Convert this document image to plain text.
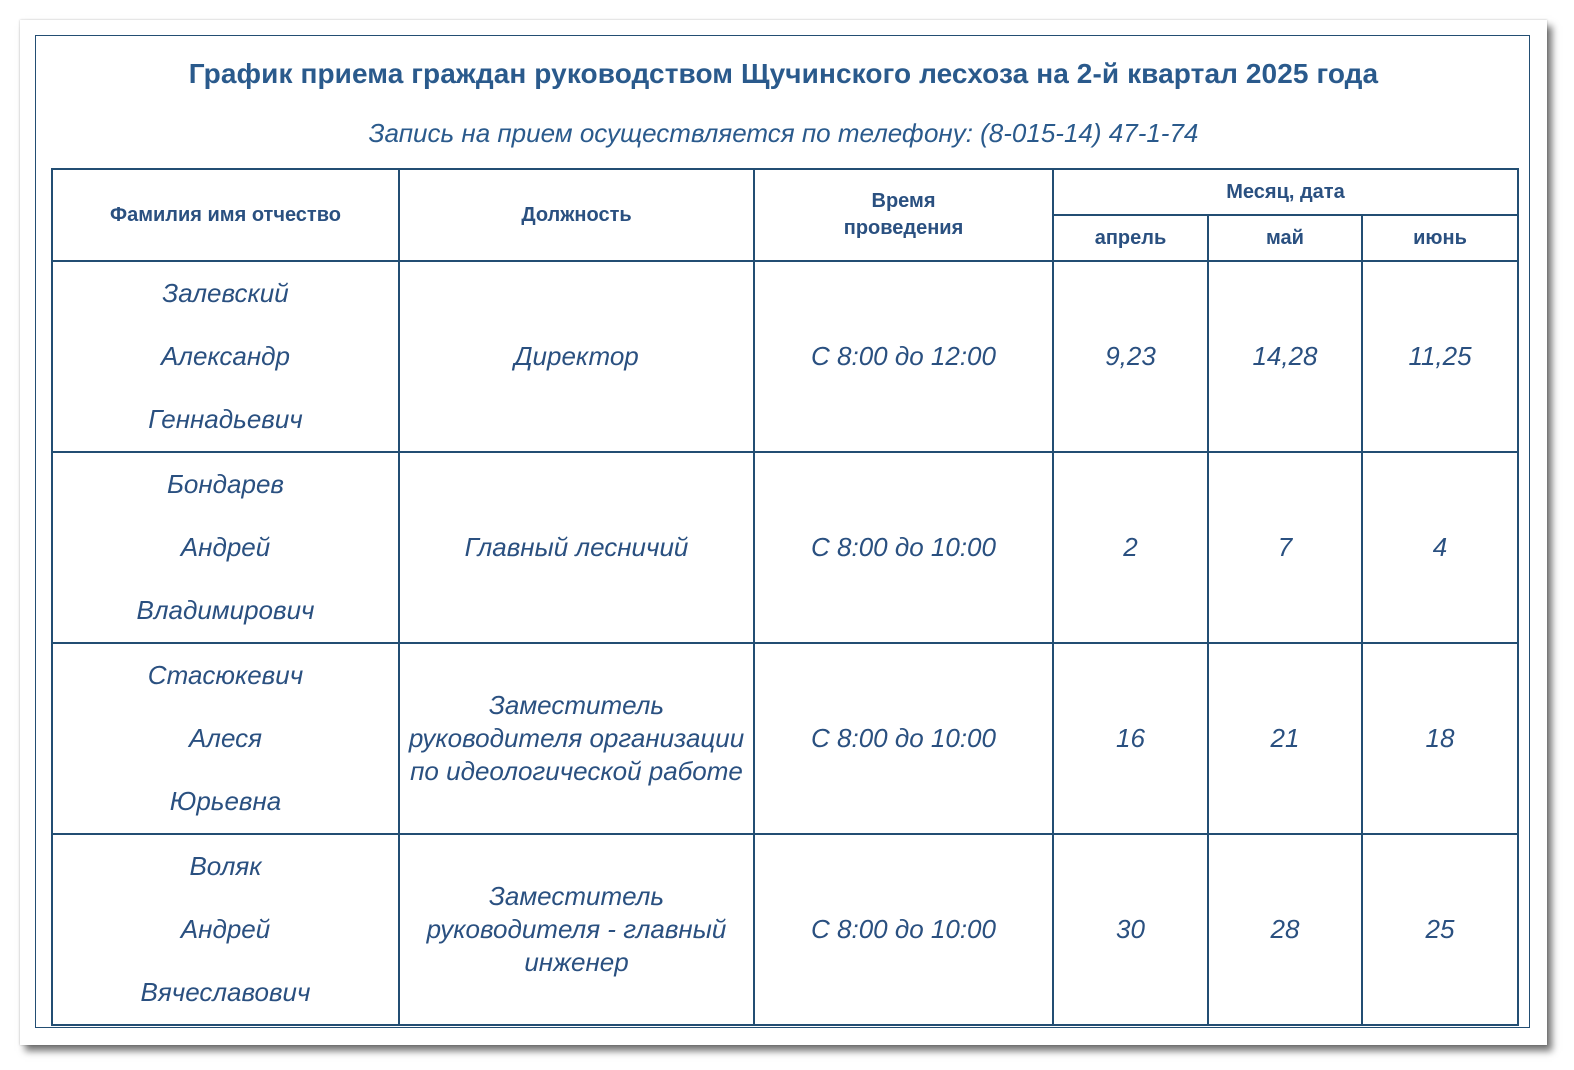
График приема граждан руководством Щучинского лесхоза на 2-й квартал 2025 года
Запись на прием осуществляется по телефону: (8-015-14) 47-1-74
Фамилия имя отчество	Должность	Время
проведения	Месяц, дата		
			апрель	май	июнь

Залевский
Александр
Геннадьевич	Директор	С 8:00 до 12:00	9,23	14,28	11,25

Бондарев
Андрей
Владимирович	Главный лесничий	С 8:00 до 10:00	2	7	4

Стасюкевич
Алеся
Юрьевна	Заместитель руководителя организации по идеологической работе	С 8:00 до 10:00	16	21	18

Воляк
Андрей
Вячеславович	Заместитель руководителя - главный инженер	С 8:00 до 10:00	30	28	25
